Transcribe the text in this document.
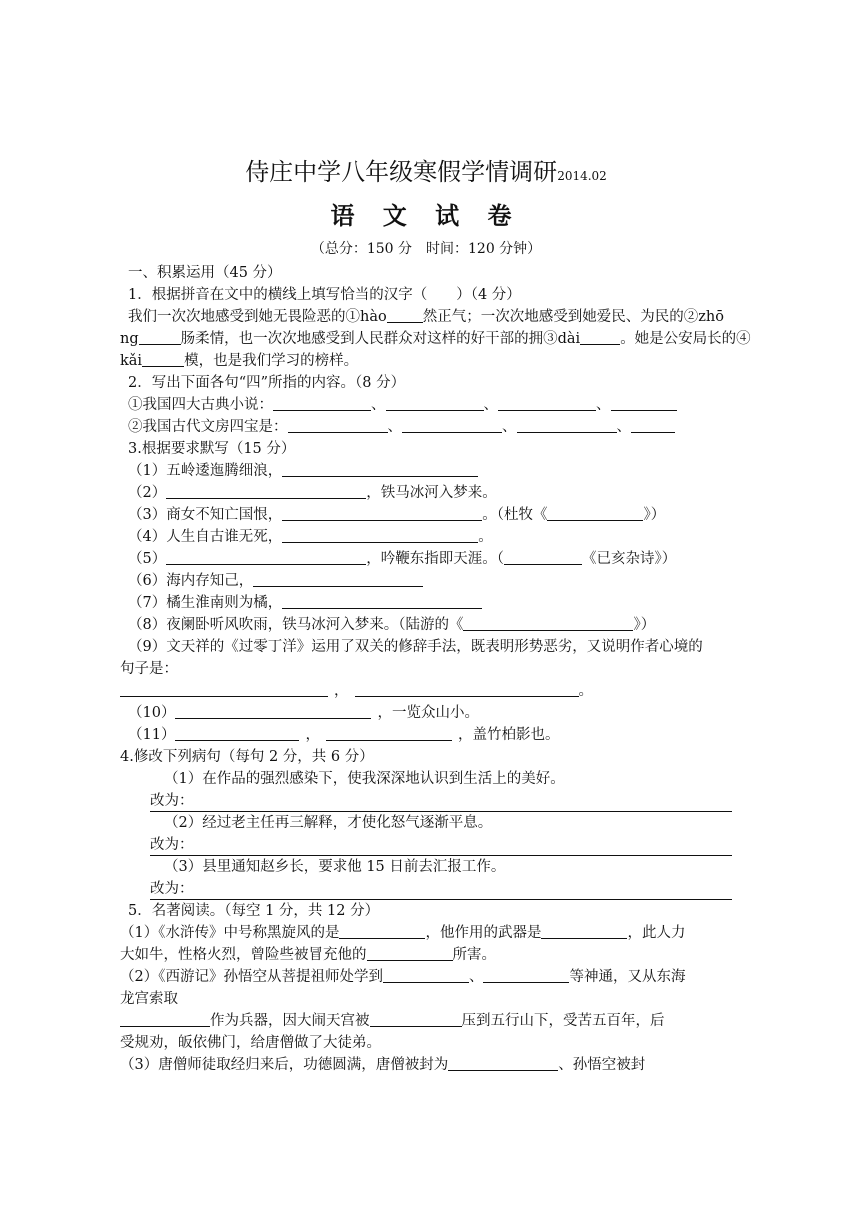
侍庄中学八年级寒假学情调研2014.02
语 文 试 卷
（总分：150 分　时间：120 分钟）
一、积累运用（45 分）
1．根据拼音在文中的横线上填写恰当的汉字（　　）（4 分）
我们一次次地感受到她无畏险恶的①hào 然正气；一次次地感受到她爱民、为民的②zhō
ng	肠柔情，也一次次地感受到人民群众对这样的好干部的拥③dài	。她是公安局长的④
kǎi	模，也是我们学习的榜样。
2．写出下面各句“四”所指的内容。（8 分）
①我国四大古典小说：	、	、	、
②我国古代文房四宝是：	、	、	、
3.根据要求默写（15 分）
（1）五岭逶迤腾细浪，
（2）	，铁马冰河入梦来。
（3）商女不知亡国恨，	。（杜牧《	》）
（4）人生自古谁无死，	。
（5）	，吟鞭东指即天涯。（	《已亥杂诗》）
（6）海内存知己，
（7）橘生淮南则为橘，
（8）夜阑卧听风吹雨，铁马冰河入梦来。（陆游的《	》）
（9）文天祥的《过零丁洋》运用了双关的修辞手法，既表明形势恶劣，又说明作者心境的
句子是：
，	。
（10）	，一览众山小。
（11）	，	，盖竹柏影也。
4.修改下列病句（每句 2 分，共 6 分）
（1）在作品的强烈感染下，使我深深地认识到生活上的美好。
改为：
（2）经过老主任再三解释，才使化怒气逐渐平息。
改为：
（3）县里通知赵乡长，要求他 15 日前去汇报工作。
改为：
5．名著阅读。（每空 1 分，共 12 分）
（1）《水浒传》中号称黑旋风的是	，他作用的武器是	，此人力
大如牛，性格火烈，曾险些被冒充他的	所害。
（2）《西游记》孙悟空从菩提祖师处学到	、	等神通，又从东海
龙宫索取
作为兵器，因大闹天宫被	压到五行山下，受苦五百年，后
受规劝，皈依佛门，给唐僧做了大徒弟。
（3）唐僧师徒取经归来后，功德圆满，唐僧被封为	、孙悟空被封
